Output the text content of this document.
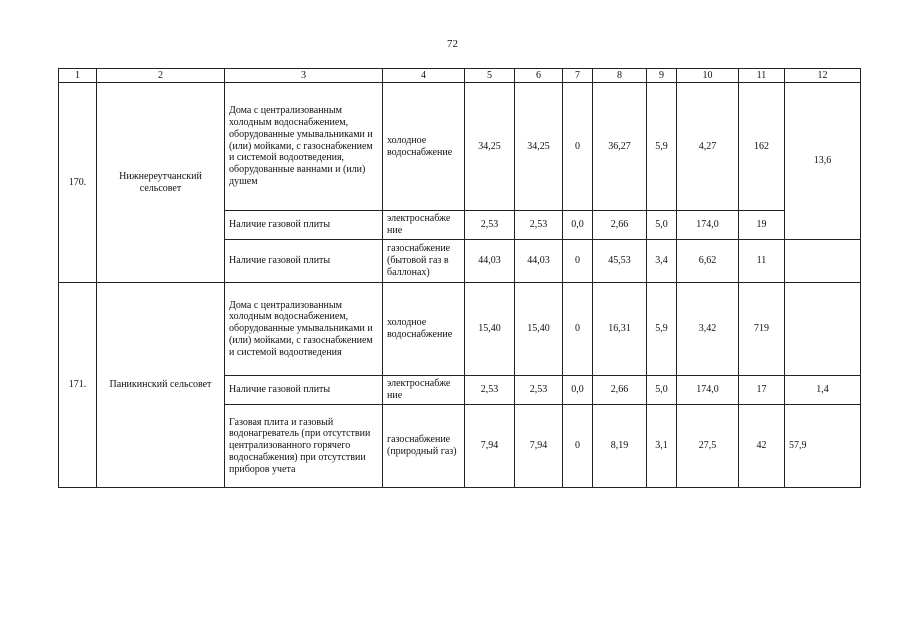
72
1	2	3	4	5	6	7	8	9	10	11	12
170.	Нижнереутчанский сельсовет	Дома с централизованным холодным водоснабжением, оборудованные умывальниками и (или) мойками, с газоснабжением и системой водоотведения, оборудованные ваннами и (или) душем	холодное водоснабжение	34,25	34,25	0	36,27	5,9	4,27	162	13,6
		Наличие газовой плиты	электроснабже ние	2,53	2,53	0,0	2,66	5,0	174,0	19	
		Наличие газовой плиты	газоснабжение (бытовой газ в баллонах)	44,03	44,03	0	45,53	3,4	6,62	11	
171.	Паникинский сельсовет	Дома с централизованным холодным водоснабжением, оборудованные умывальниками и (или) мойками, с газоснабжением и системой водоотведения	холодное водоснабжение	15,40	15,40	0	16,31	5,9	3,42	719	
		Наличие газовой плиты	электроснабже ние	2,53	2,53	0,0	2,66	5,0	174,0	17	1,4
		Газовая плита и газовый водонагреватель (при отсутствии централизованного горячего водоснабжения) при отсутствии приборов учета	газоснабжение (природный газ)	7,94	7,94	0	8,19	3,1	27,5	42	57,9
